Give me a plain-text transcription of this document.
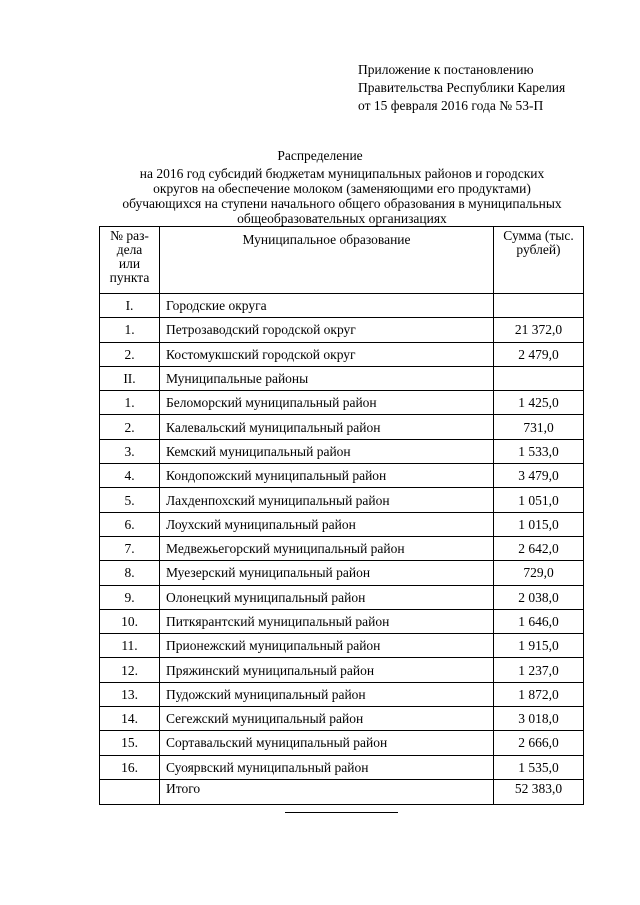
Приложение к постановлению
Правительства Республики Карелия
от 15 февраля 2016 года № 53-П
Распределение
на 2016 год субсидий бюджетам муниципальных районов и городских
округов на обеспечение молоком (заменяющими его продуктами)
обучающихся на ступени начального общего образования в муниципальных
общеобразовательных организациях
№ раз-
дела
или
пункта	Муниципальное образование	Сумма (тыс.
рублей)
I.	Городские округа	
1.	Петрозаводский городской округ	21 372,0
2.	Костомукшский городской округ	2 479,0
II.	Муниципальные районы	
1.	Беломорский муниципальный район	1 425,0
2.	Калевальский муниципальный район	731,0
3.	Кемский муниципальный район	1 533,0
4.	Кондопожский муниципальный район	3 479,0
5.	Лахденпохский муниципальный район	1 051,0
6.	Лоухский муниципальный район	1 015,0
7.	Медвежьегорский муниципальный район	2 642,0
8.	Муезерский муниципальный район	729,0
9.	Олонецкий муниципальный район	2 038,0
10.	Питкярантский муниципальный район	1 646,0
11.	Прионежский муниципальный район	1 915,0
12.	Пряжинский муниципальный район	1 237,0
13.	Пудожский муниципальный район	1 872,0
14.	Сегежский муниципальный район	3 018,0
15.	Сортавальский муниципальный район	2 666,0
16.	Суоярвский муниципальный район	1 535,0
	Итого	52 383,0
